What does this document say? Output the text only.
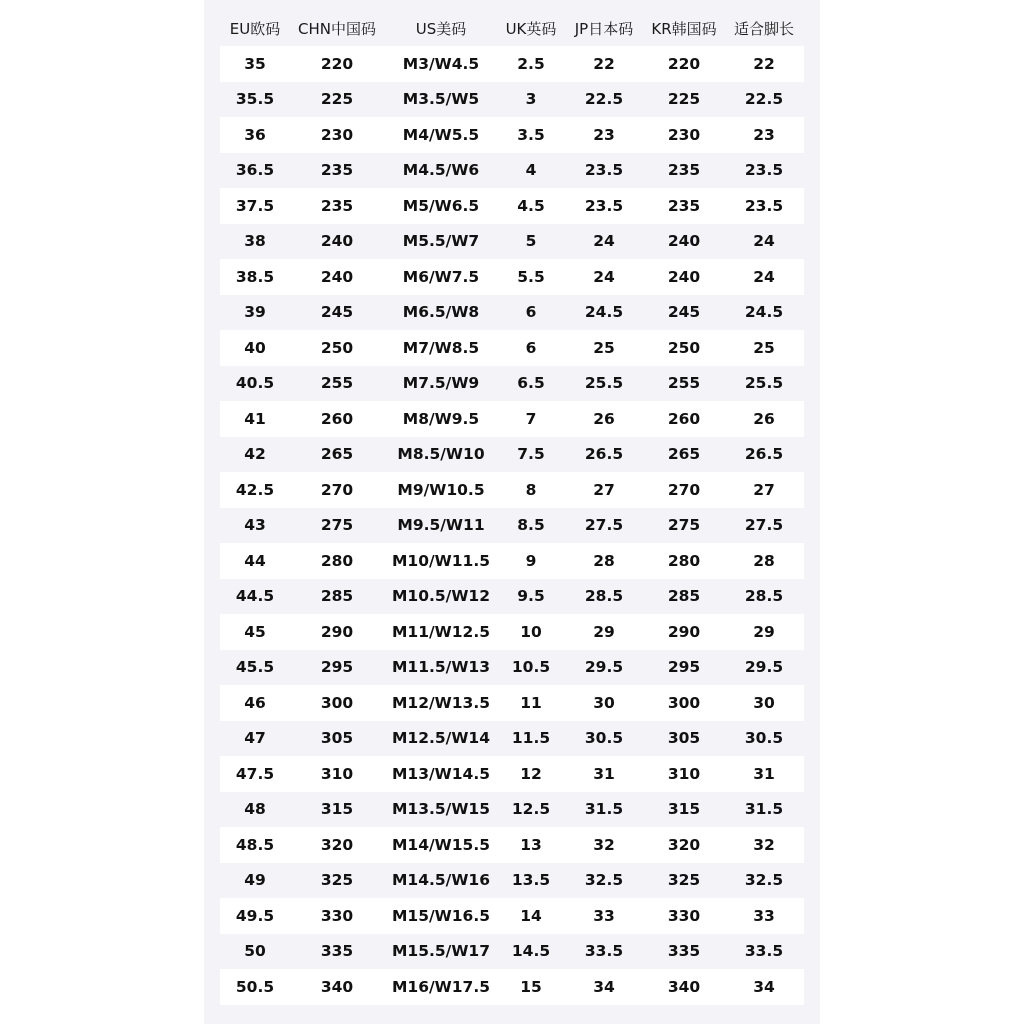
EU欧码	CHN中国码	US美码	UK英码	JP日本码	KR韩国码	适合脚长
35	220	M3/W4.5	2.5	22	220	22
35.5	225	M3.5/W5	3	22.5	225	22.5
36	230	M4/W5.5	3.5	23	230	23
36.5	235	M4.5/W6	4	23.5	235	23.5
37.5	235	M5/W6.5	4.5	23.5	235	23.5
38	240	M5.5/W7	5	24	240	24
38.5	240	M6/W7.5	5.5	24	240	24
39	245	M6.5/W8	6	24.5	245	24.5
40	250	M7/W8.5	6	25	250	25
40.5	255	M7.5/W9	6.5	25.5	255	25.5
41	260	M8/W9.5	7	26	260	26
42	265	M8.5/W10	7.5	26.5	265	26.5
42.5	270	M9/W10.5	8	27	270	27
43	275	M9.5/W11	8.5	27.5	275	27.5
44	280	M10/W11.5	9	28	280	28
44.5	285	M10.5/W12	9.5	28.5	285	28.5
45	290	M11/W12.5	10	29	290	29
45.5	295	M11.5/W13	10.5	29.5	295	29.5
46	300	M12/W13.5	11	30	300	30
47	305	M12.5/W14	11.5	30.5	305	30.5
47.5	310	M13/W14.5	12	31	310	31
48	315	M13.5/W15	12.5	31.5	315	31.5
48.5	320	M14/W15.5	13	32	320	32
49	325	M14.5/W16	13.5	32.5	325	32.5
49.5	330	M15/W16.5	14	33	330	33
50	335	M15.5/W17	14.5	33.5	335	33.5
50.5	340	M16/W17.5	15	34	340	34
